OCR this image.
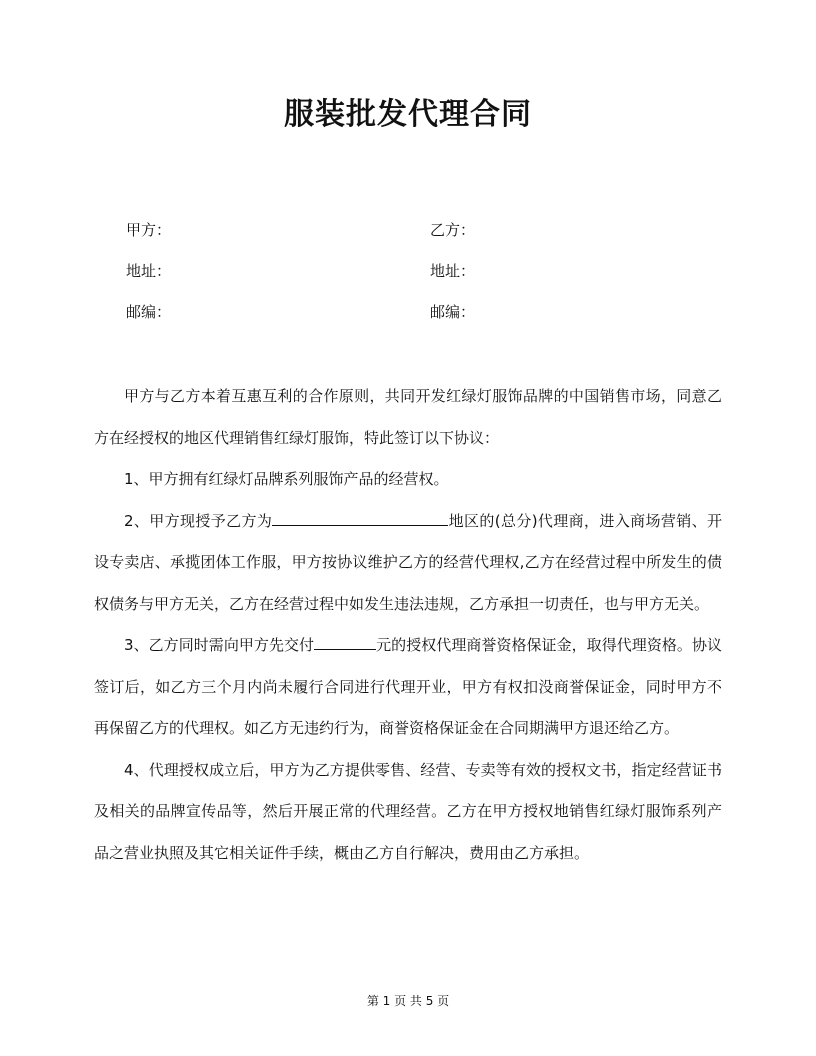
服装批发代理合同
甲方：	乙方：
地址：	地址：
邮编：	邮编：

甲方与乙方本着互惠互利的合作原则，共同开发红绿灯服饰品牌的中国销售市场，同意乙方在经授权的地区代理销售红绿灯服饰，特此签订以下协议：

1、甲方拥有红绿灯品牌系列服饰产品的经营权。

2、甲方现授予乙方为	地区的(总分)代理商，进入商场营销、开设专卖店、承揽团体工作服，甲方按协议维护乙方的经营代理权,乙方在经营过程中所发生的债权债务与甲方无关，乙方在经营过程中如发生违法违规，乙方承担一切责任，也与甲方无关。

3、乙方同时需向甲方先交付	元的授权代理商誉资格保证金，取得代理资格。协议签订后，如乙方三个月内尚未履行合同进行代理开业，甲方有权扣没商誉保证金，同时甲方不再保留乙方的代理权。如乙方无违约行为，商誉资格保证金在合同期满甲方退还给乙方。

4、代理授权成立后，甲方为乙方提供零售、经营、专卖等有效的授权文书，指定经营证书及相关的品牌宣传品等，然后开展正常的代理经营。乙方在甲方授权地销售红绿灯服饰系列产品之营业执照及其它相关证件手续，概由乙方自行解决，费用由乙方承担。

第 1 页 共 5 页
